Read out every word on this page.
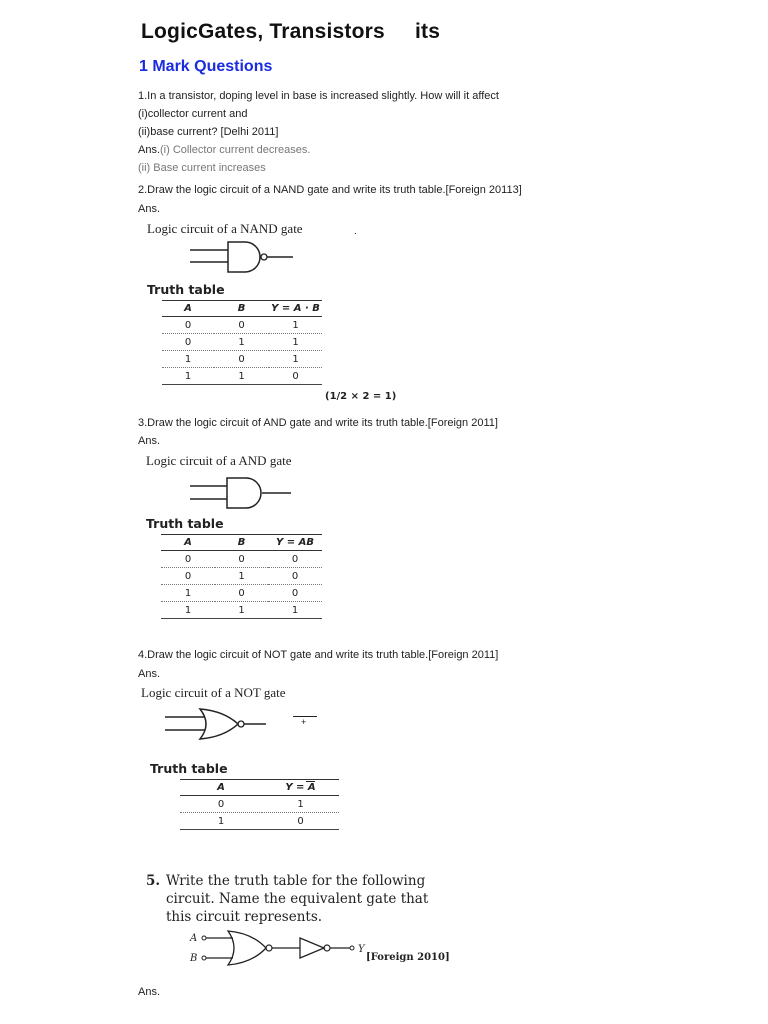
LogicGates, Transistors     its
1 Mark Questions
1.In a transistor, doping level in base is increased slightly. How will it affect
(i)collector current and
(ii)base current? [Delhi 2011]
Ans.(i) Collector current decreases.
(ii) Base current increases
2.Draw the logic circuit of a NAND gate and write its truth table.[Foreign 20113]
Ans.
Logic circuit of a NAND gate	.
Truth table
A	B	Y = A · B
0	0	1
0	1	1
1	0	1
1	1	0
(1/2 × 2 = 1)
3.Draw the logic circuit of AND gate and write its truth table.[Foreign 2011]
Ans.
Logic circuit of a AND gate
Truth table
A	B	Y = AB
0	0	0
0	1	0
1	0	0
1	1	1
4.Draw the logic circuit of NOT gate and write its truth table.[Foreign 2011]
Ans.
Logic circuit of a NOT gate
+
Truth table
A	Y = A

0	1
1	0
5. Write the truth table for the following
circuit. Name the equivalent gate that
this circuit represents.
A
B
Y
[Foreign 2010]
Ans.
